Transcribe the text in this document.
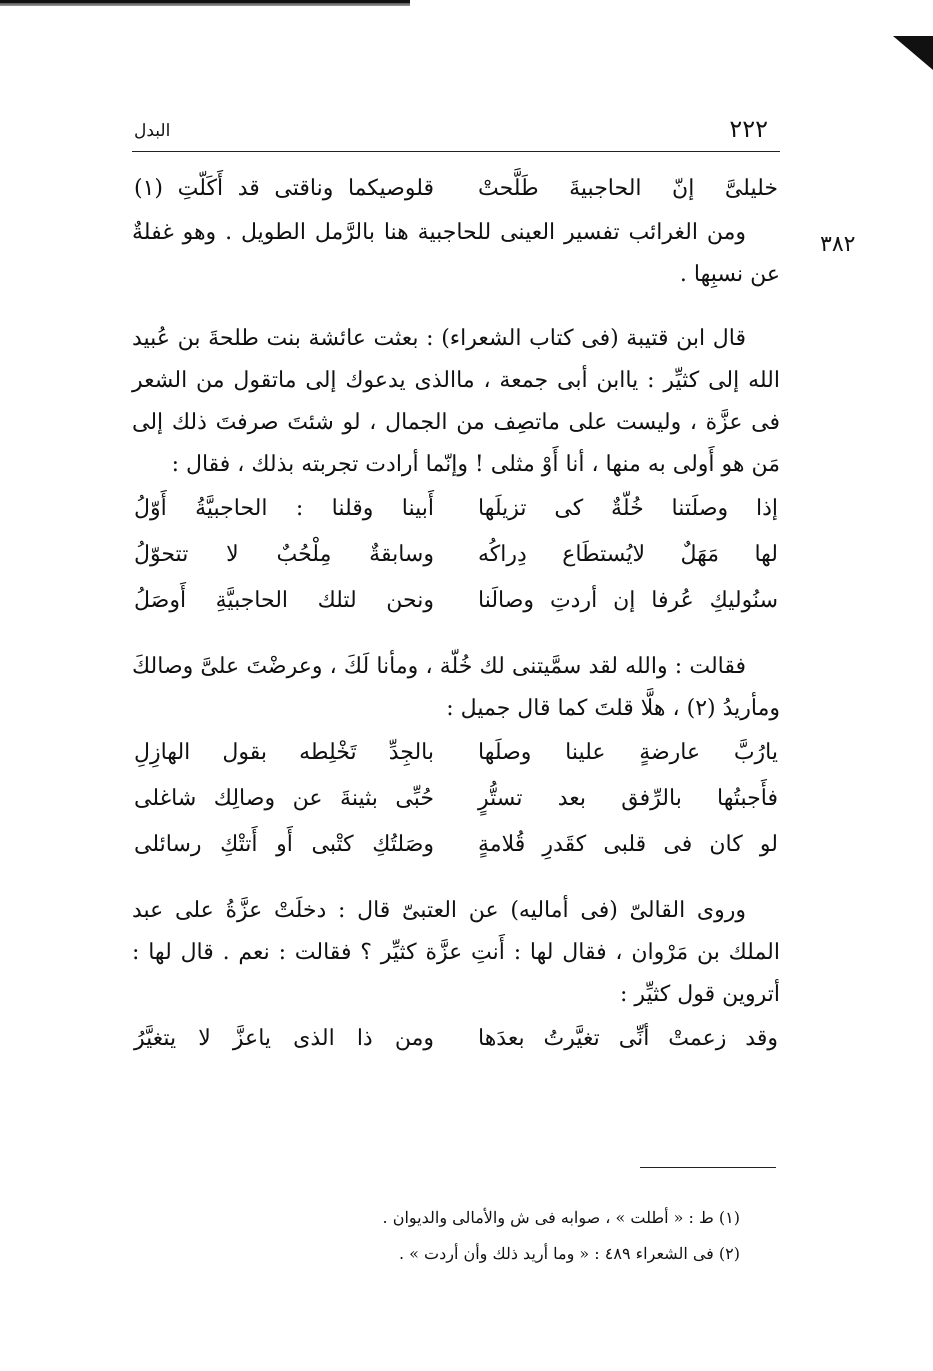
٢٢٢
البدل
خليلىَّ إنّ الحاجبيةَ طَلَّحتْ
قلوصيكما وناقتى قد أَكَلّتِ (١)

ومن الغرائب تفسير العينى للحاجبية هنا بالرَّمل الطويل . وهو غفلةٌ عن نسبِها .

قال ابن قتيبة (فى كتاب الشعراء) : بعثت عائشة بنت طلحةَ بن عُبيد الله إلى كثيِّر : ياابن أبى جمعة ، ماالذى يدعوك إلى ماتقول من الشعر فى عزَّة ، وليست على ماتصِف من الجمال ، لو شئتَ صرفتَ ذلك إلى مَن هو أَولى به منها ، أنا أَوْ مثلى ! وإنّما أرادت تجربته بذلك ، فقال :

إذا وصلَتنا خُلّةٌ كى تزيلَها
أَبينا وقلنا : الحاجبيَّةُ أَوّلُ
لها مَهَلٌ لايُستطَاع دِراكُه
وسابقةٌ مِلْحُبٌ لا تتحوّلُ
سنُوليكِ عُرفا إن أردتِ وصالَنا
ونحن لتلك الحاجبيَّةِ أَوصَلُ

فقالت : والله لقد سمَّيتنى لك خُلّة ، ومأنا لَكَ ، وعرضْتَ علىَّ وصالكَ ومأريدُ (٢) ، هلَّا قلتَ كما قال جميل :

يارُبَّ عارضةٍ علينا وصلَها
بالجِدِّ تَخْلِطه بقول الهازِلِ
فأَجبتُها بالرِّفق بعد تستُّرٍ
حُبِّى بثينةَ عن وصالِك شاغلى
لو كان فى قلبى كقَدرِ قُلامةٍ
وصَلتُكِ كتْبى أَو أَتتْكِ رسائلى

وروى القالىّ (فى أماليه) عن العتبىّ قال : دخلَتْ عزَّةُ على عبد الملك بن مَرْوان ، فقال لها : أَنتِ عزَّة كثيِّر ؟ فقالت : نعم . قال لها : أتروين قول كثيِّر :

وقد زعمتْ أنِّى تغيَّرتُ بعدَها
ومن ذا الذى ياعزَّ لا يتغيَّرُ
٣٨٢

(١) ط : « أطلت » ، صوابه فى ش والأمالى والديوان .

(٢) فى الشعراء ٤٨٩ : « وما أريد ذلك وأن أردت » .
